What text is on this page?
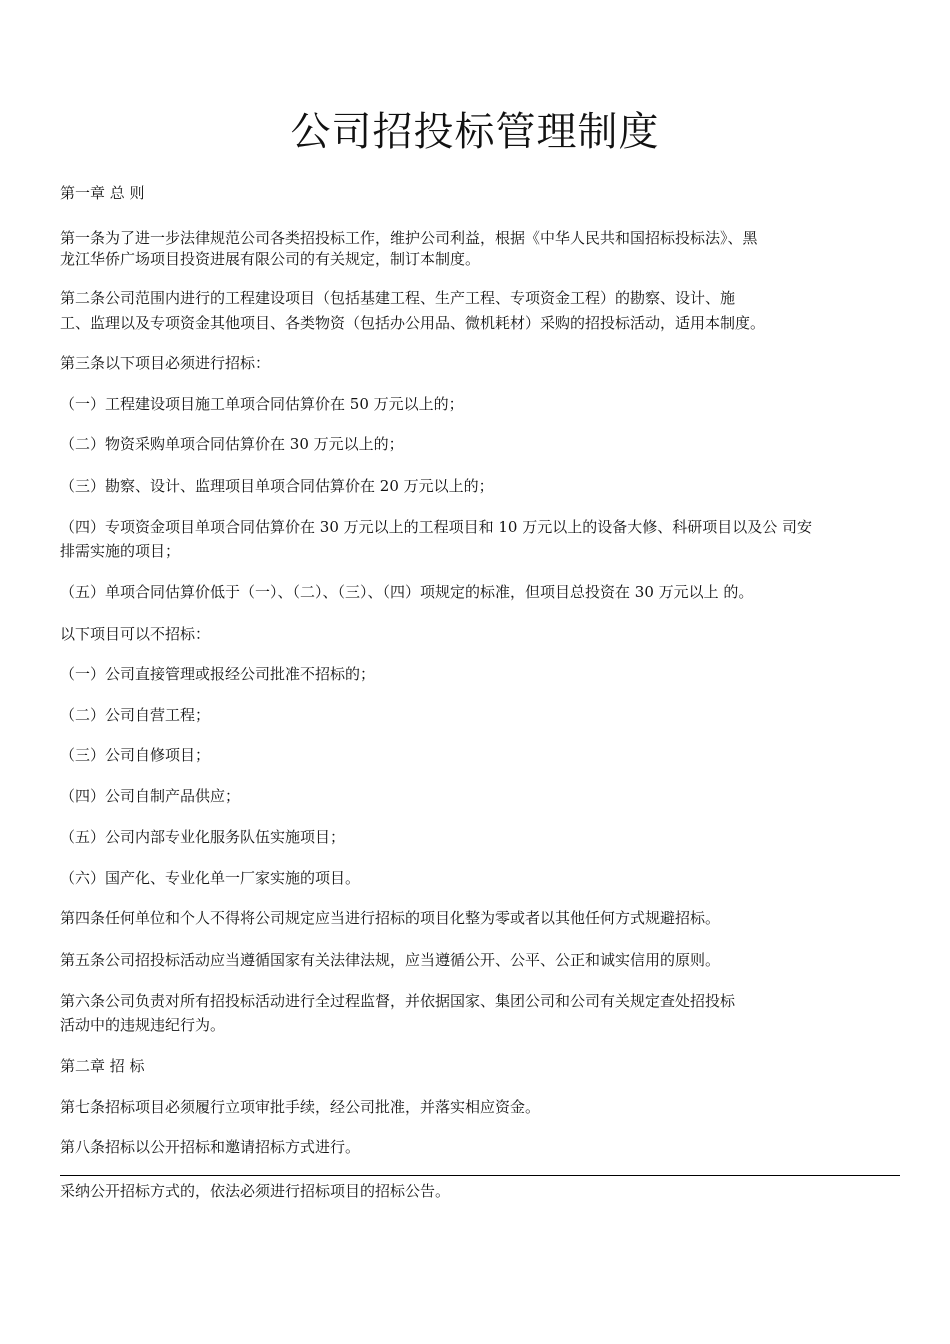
公司招投标管理制度

第一章 总 则

第一条为了进一步法律规范公司各类招投标工作，维护公司利益，根据《中华人民共和国招标投标法》、黑

龙江华侨广场项目投资进展有限公司的有关规定，制订本制度。

第二条公司范围内进行的工程建设项目（包括基建工程、生产工程、专项资金工程）的勘察、设计、施

工、监理以及专项资金其他项目、各类物资（包括办公用品、微机耗材）采购的招投标活动，适用本制度。

第三条以下项目必须进行招标：

（一）工程建设项目施工单项合同估算价在 50 万元以上的；

（二）物资采购单项合同估算价在 30 万元以上的；

（三）勘察、设计、监理项目单项合同估算价在 20 万元以上的；

（四）专项资金项目单项合同估算价在 30 万元以上的工程项目和 10 万元以上的设备大修、科研项目以及公 司安

排需实施的项目；

（五）单项合同估算价低于（一）、（二）、（三）、（四）项规定的标准，但项目总投资在 30 万元以上 的。

以下项目可以不招标：

（一）公司直接管理或报经公司批准不招标的；

（二）公司自营工程；

（三）公司自修项目；

（四）公司自制产品供应；

（五）公司内部专业化服务队伍实施项目；

（六）国产化、专业化单一厂家实施的项目。

第四条任何单位和个人不得将公司规定应当进行招标的项目化整为零或者以其他任何方式规避招标。

第五条公司招投标活动应当遵循国家有关法律法规，应当遵循公开、公平、公正和诚实信用的原则。

第六条公司负责对所有招投标活动进行全过程监督，并依据国家、集团公司和公司有关规定查处招投标

活动中的违规违纪行为。

第二章 招 标

第七条招标项目必须履行立项审批手续，经公司批准，并落实相应资金。

第八条招标以公开招标和邀请招标方式进行。

采纳公开招标方式的，依法必须进行招标项目的招标公告。
